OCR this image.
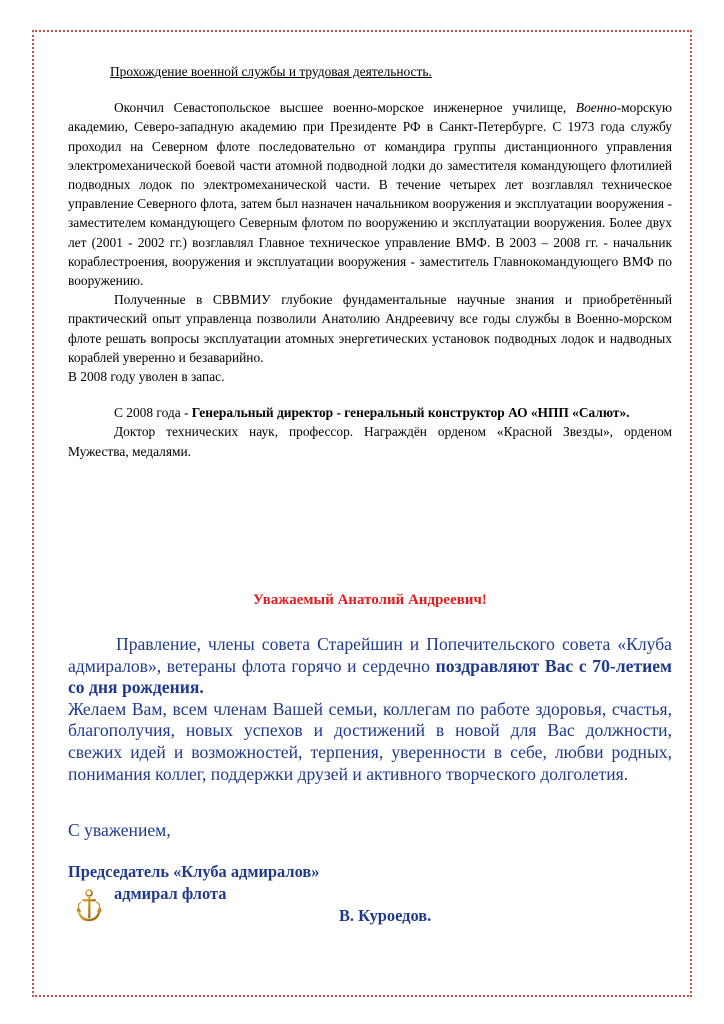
Прохождение военной службы и трудовая деятельность.

Окончил Севастопольское высшее военно-морское инженерное училище, Военно-морскую академию, Северо-западную академию при Президенте РФ в Санкт-Петербурге. С 1973 года службу проходил на Северном флоте последовательно от командира группы дистанционного управления электромеханической боевой части атомной подводной лодки до заместителя командующего флотилией подводных лодок по электромеханической части. В течение четырех лет возглавлял техническое управление Северного флота, затем был назначен начальником вооружения и эксплуатации вооружения - заместителем командующего Северным флотом по вооружению и эксплуатации вооружения. Более двух лет (2001 - 2002 гг.) возглавлял Главное техническое управление ВМФ. В 2003 – 2008 гг. - начальник кораблестроения, вооружения и эксплуатации вооружения - заместитель Главнокомандующего ВМФ по вооружению.

Полученные в СВВМИУ глубокие фундаментальные научные знания и приобретённый практический опыт управленца позволили Анатолию Андреевичу все годы службы в Военно-морском флоте решать вопросы эксплуатации атомных энергетических установок подводных лодок и надводных кораблей уверенно и безаварийно.

В 2008 году уволен в запас.

С 2008 года - Генеральный директор - генеральный конструктор АО «НПП «Салют».

Доктор технических наук, профессор. Награждён орденом «Красной Звезды», орденом Мужества, медалями.

Уважаемый Анатолий Андреевич!

Правление, члены совета Старейшин и Попечительского совета «Клуба адмиралов», ветераны флота горячо и сердечно поздравляют Вас с 70-летием со дня рождения.

Желаем Вам, всем членам Вашей семьи, коллегам по работе здоровья, счастья, благополучия, новых успехов и достижений в новой для Вас должности, свежих идей и возможностей, терпения, уверенности в себе, любви родных, понимания коллег, поддержки друзей и активного творческого долголетия.

С уважением,
Председатель «Клуба адмиралов»
адмирал флота
В. Куроедов.
